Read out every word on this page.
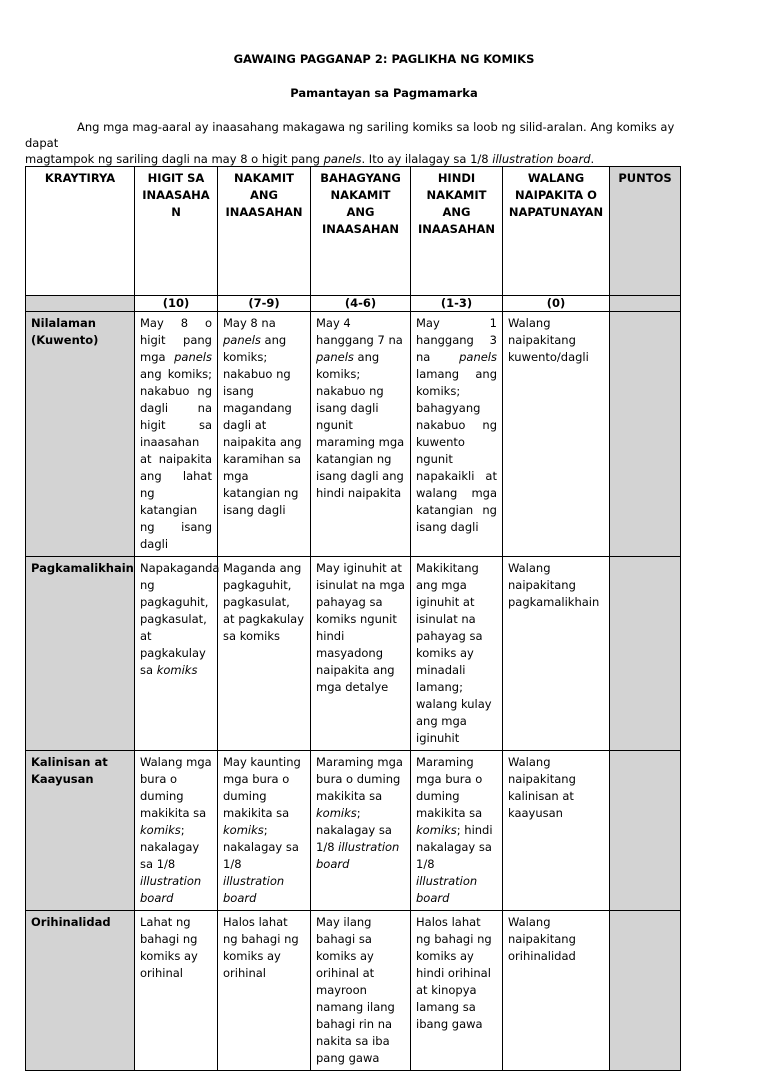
GAWAING PAGGANAP 2: PAGLIKHA NG KOMIKS
Pamantayan sa Pagmamarka
Ang mga mag-aaral ay inaasahang makagawa ng sariling komiks sa loob ng silid-aralan. Ang komiks ay dapat
magtampok ng sariling dagli na may 8 o higit pang panels. Ito ay ilalagay sa 1/8 illustration board.
KRAYTIRYA	HIGIT SA INAASAHA N	NAKAMIT ANG INAASAHAN	BAHAGYANG NAKAMIT ANG INAASAHAN	HINDI NAKAMIT ANG INAASAHAN	WALANG NAIPAKITA O NAPATUNAYAN	PUNTOS
	(10)	(7-9)	(4-6)	(1-3)	(0)	
Nilalaman (Kuwento)	May 8 o higit pang mga panels ang komiks; nakabuo ng dagli na higit sa inaasahan at naipakita ang lahat ng katangian ng isang dagli	May 8 na panels ang komiks; nakabuo ng isang magandang dagli at naipakita ang karamihan sa mga katangian ng isang dagli	May 4 hanggang 7 na panels ang komiks; nakabuo ng isang dagli ngunit maraming mga katangian ng isang dagli ang hindi naipakita	May 1 hanggang 3 na panels lamang ang komiks; bahagyang nakabuo ng kuwento ngunit napakaikli at walang mga katangian ng isang dagli	Walang naipakitang kuwento/dagli	
Pagkamalikhain	Napakaganda ng pagkaguhit, pagkasulat, at pagkakulay sa komiks	Maganda ang pagkaguhit, pagkasulat, at pagkakulay sa komiks	May iginuhit at isinulat na mga pahayag sa komiks ngunit hindi masyadong naipakita ang mga detalye	Makikitang ang mga iginuhit at isinulat na pahayag sa komiks ay minadali lamang; walang kulay ang mga iginuhit	Walang naipakitang pagkamalikhain	
Kalinisan at Kaayusan	Walang mga bura o duming makikita sa komiks; nakalagay sa 1/8 illustration board	May kaunting mga bura o duming makikita sa komiks; nakalagay sa 1/8 illustration board	Maraming mga bura o duming makikita sa komiks; nakalagay sa 1/8 illustration board	Maraming mga bura o duming makikita sa komiks; hindi nakalagay sa 1/8 illustration board	Walang naipakitang kalinisan at kaayusan	
Orihinalidad	Lahat ng bahagi ng komiks ay orihinal	Halos lahat ng bahagi ng komiks ay orihinal	May ilang bahagi sa komiks ay orihinal at mayroon namang ilang bahagi rin na nakita sa iba pang gawa	Halos lahat ng bahagi ng komiks ay hindi orihinal at kinopya lamang sa ibang gawa	Walang naipakitang orihinalidad	
